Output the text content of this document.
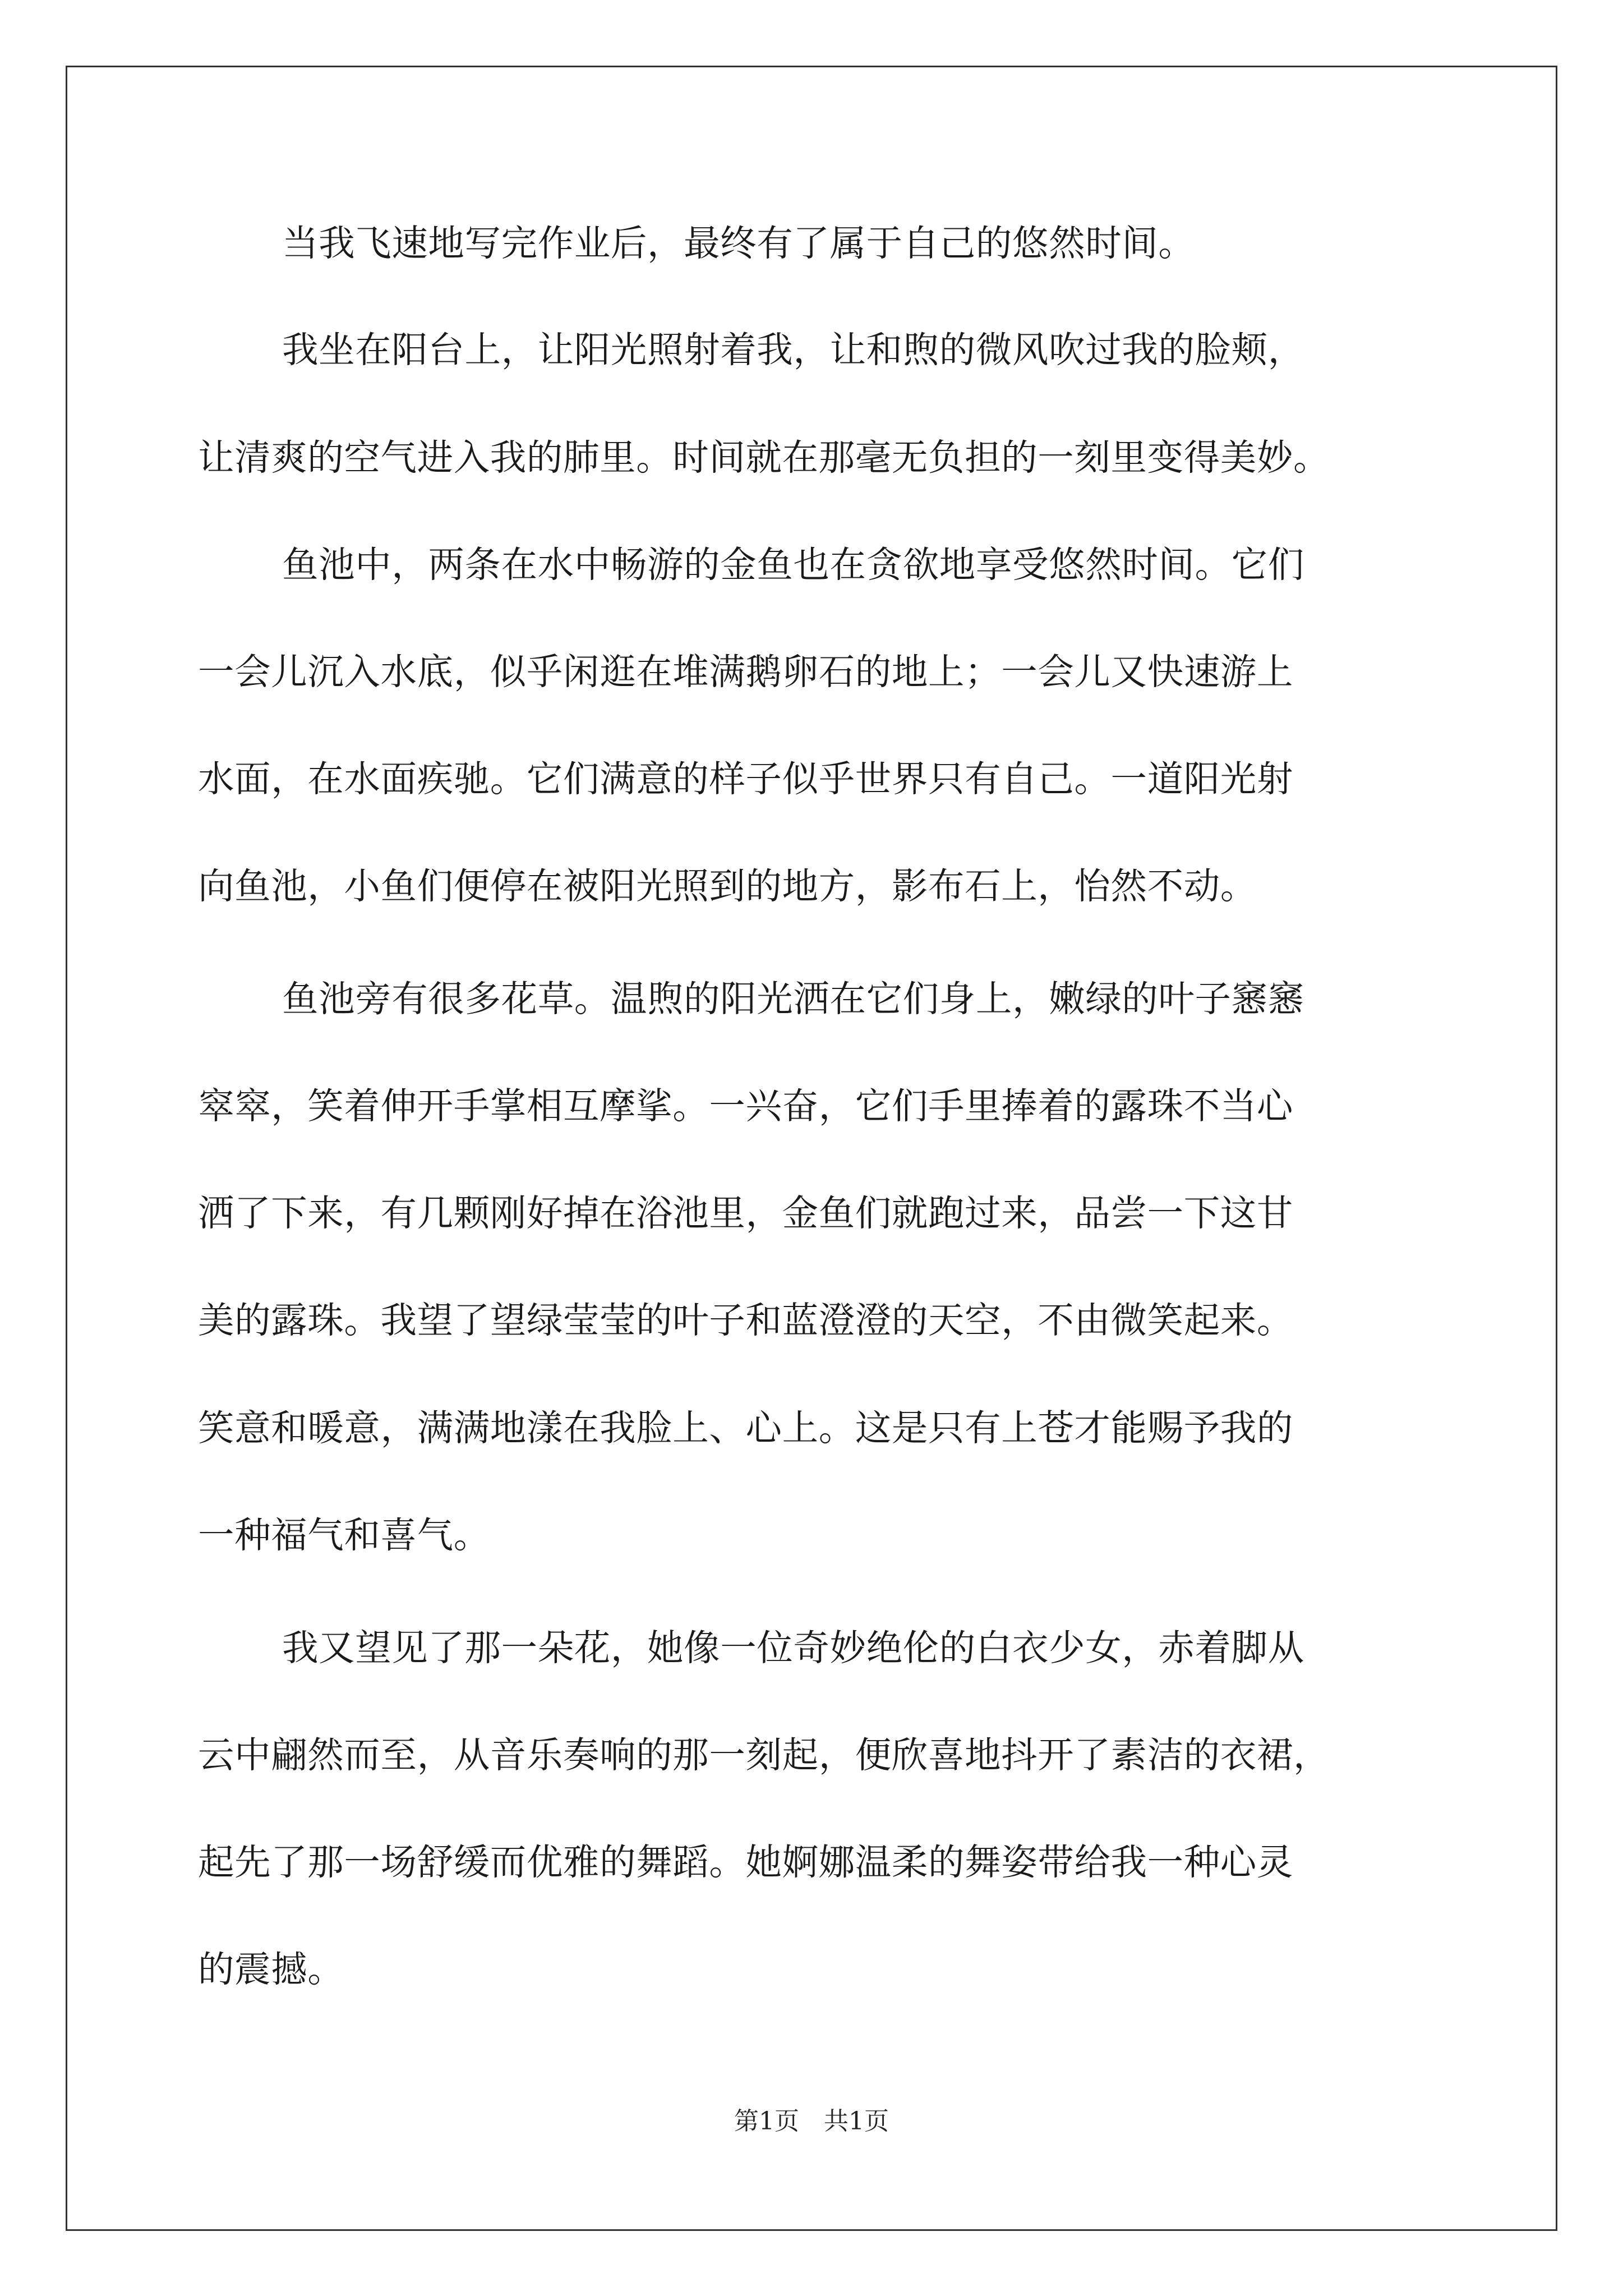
当我飞速地写完作业后，最终有了属于自己的悠然时间。

我坐在阳台上，让阳光照射着我，让和煦的微风吹过我的脸颊，

让清爽的空气进入我的肺里。时间就在那毫无负担的一刻里变得美妙。

鱼池中，两条在水中畅游的金鱼也在贪欲地享受悠然时间。它们

一会儿沉入水底，似乎闲逛在堆满鹅卵石的地上；一会儿又快速游上

水面，在水面疾驰。它们满意的样子似乎世界只有自己。一道阳光射

向鱼池，小鱼们便停在被阳光照到的地方，影布石上，怡然不动。

鱼池旁有很多花草。温煦的阳光洒在它们身上，嫩绿的叶子窸窸

窣窣，笑着伸开手掌相互摩挲。一兴奋，它们手里捧着的露珠不当心

洒了下来，有几颗刚好掉在浴池里，金鱼们就跑过来，品尝一下这甘

美的露珠。我望了望绿莹莹的叶子和蓝澄澄的天空，不由微笑起来。

笑意和暖意，满满地漾在我脸上、心上。这是只有上苍才能赐予我的

一种福气和喜气。

我又望见了那一朵花，她像一位奇妙绝伦的白衣少女，赤着脚从

云中翩然而至，从音乐奏响的那一刻起，便欣喜地抖开了素洁的衣裙，

起先了那一场舒缓而优雅的舞蹈。她婀娜温柔的舞姿带给我一种心灵

的震撼。

第1页　共1页
